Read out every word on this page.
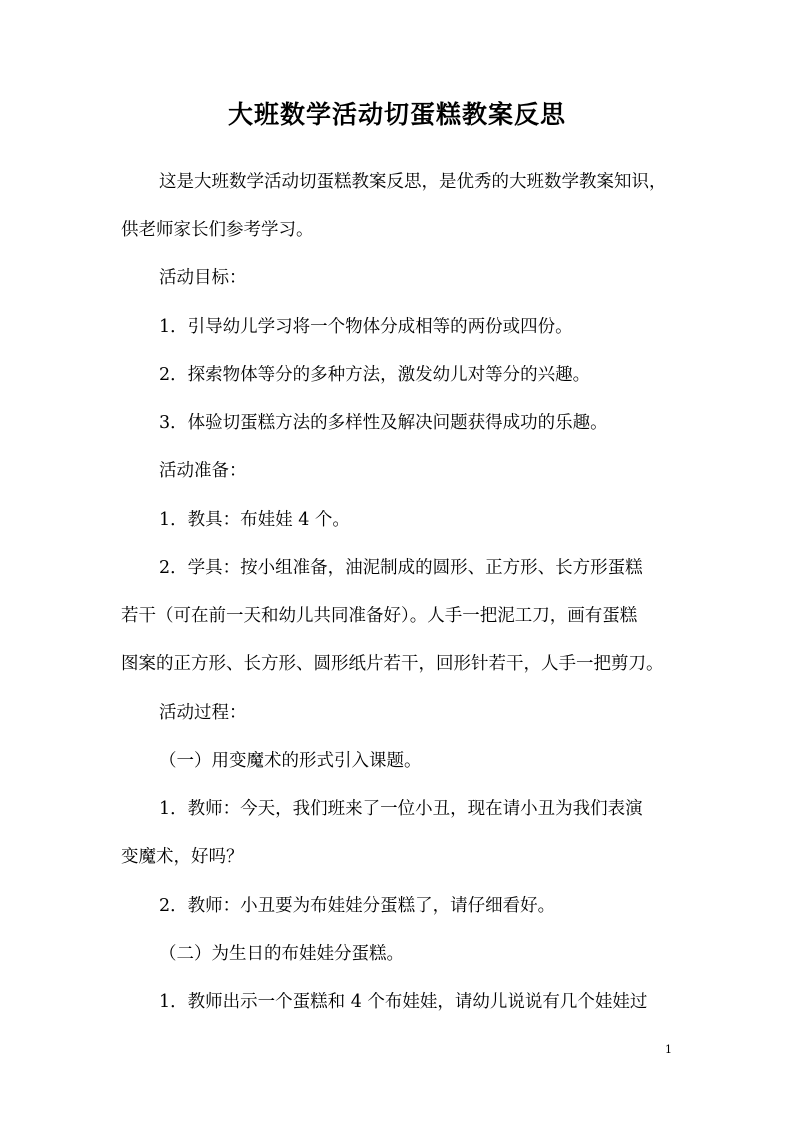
大班数学活动切蛋糕教案反思
这是大班数学活动切蛋糕教案反思，是优秀的大班数学教案知识，
供老师家长们参考学习。
活动目标：
1．引导幼儿学习将一个物体分成相等的两份或四份。
2．探索物体等分的多种方法，激发幼儿对等分的兴趣。
3．体验切蛋糕方法的多样性及解决问题获得成功的乐趣。
活动准备：
1．教具：布娃娃 4 个。
2．学具：按小组准备，油泥制成的圆形、正方形、长方形蛋糕
若干（可在前一天和幼儿共同准备好）。人手一把泥工刀，画有蛋糕
图案的正方形、长方形、圆形纸片若干，回形针若干，人手一把剪刀。
活动过程：
（一）用变魔术的形式引入课题。
1．教师：今天，我们班来了一位小丑，现在请小丑为我们表演
变魔术，好吗？
2．教师：小丑要为布娃娃分蛋糕了，请仔细看好。
（二）为生日的布娃娃分蛋糕。
1．教师出示一个蛋糕和 4 个布娃娃，请幼儿说说有几个娃娃过
1
